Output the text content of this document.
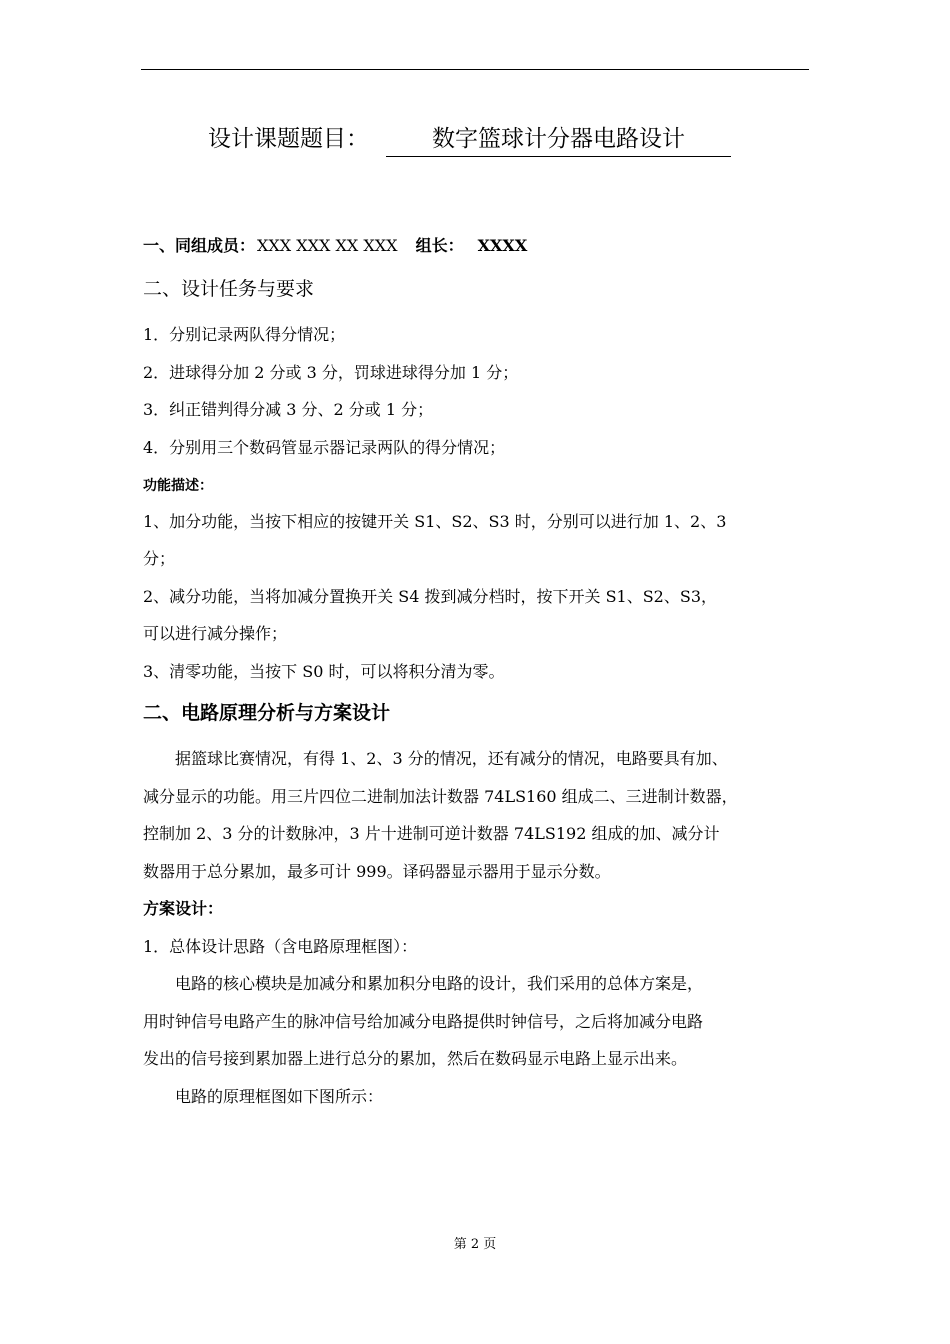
设计课题题目：	数字篮球计分器电路设计
一、同组成员： XXX XXX XX XXX 组长： XXXX
二、设计任务与要求
1．分别记录两队得分情况；
2．进球得分加 2 分或 3 分，罚球进球得分加 1 分；
3．纠正错判得分减 3 分、2 分或 1 分；
4．分别用三个数码管显示器记录两队的得分情况；
功能描述：
1、加分功能，当按下相应的按键开关 S1、S2、S3 时，分别可以进行加 1、2、3
分；
2、减分功能，当将加减分置换开关 S4 拨到减分档时，按下开关 S1、S2、S3，
可以进行减分操作；
3、清零功能，当按下 S0 时，可以将积分清为零。
二、电路原理分析与方案设计
　　据篮球比赛情况，有得 1、2、3 分的情况，还有减分的情况，电路要具有加、
减分显示的功能。用三片四位二进制加法计数器 74LS160 组成二、三进制计数器，
控制加 2、3 分的计数脉冲，3 片十进制可逆计数器 74LS192 组成的加、减分计
数器用于总分累加，最多可计 999。译码器显示器用于显示分数。
方案设计：
1．总体设计思路（含电路原理框图）：
　　电路的核心模块是加减分和累加积分电路的设计，我们采用的总体方案是，
用时钟信号电路产生的脉冲信号给加减分电路提供时钟信号，之后将加减分电路
发出的信号接到累加器上进行总分的累加，然后在数码显示电路上显示出来。
　　电路的原理框图如下图所示：
第 2 页
